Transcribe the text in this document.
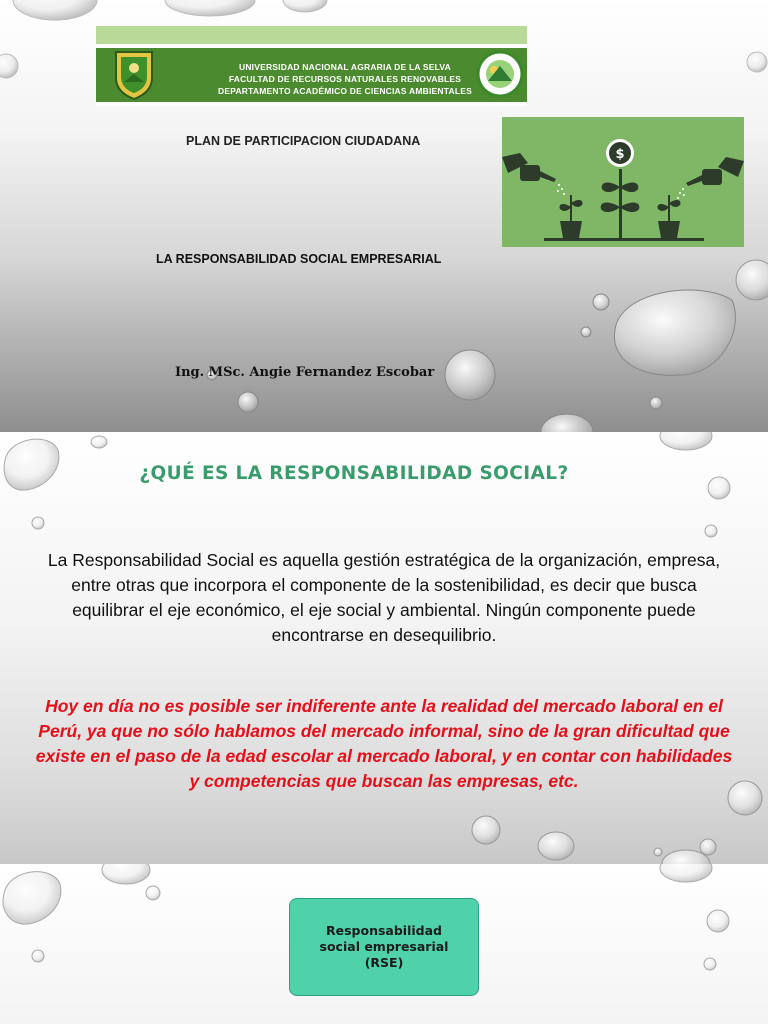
UNIVERSIDAD NACIONAL AGRARIA DE LA SELVA
FACULTAD DE RECURSOS NATURALES RENOVABLES
DEPARTAMENTO ACADÉMICO DE CIENCIAS AMBIENTALES
PLAN DE PARTICIPACION CIUDADANA
$
LA RESPONSABILIDAD SOCIAL EMPRESARIAL
Ing. MSc. Angie Fernandez Escobar
¿QUÉ ES LA RESPONSABILIDAD SOCIAL?
La Responsabilidad Social es aquella gestión estratégica de la organización, empresa, entre otras que incorpora el componente de la sostenibilidad, es decir que busca equilibrar el eje económico, el eje social y ambiental. Ningún componente puede encontrarse en desequilibrio.
Hoy en día no es posible ser indiferente ante la realidad del mercado laboral en el Perú, ya que no sólo hablamos del mercado informal, sino de la gran dificultad que existe en el paso de la edad escolar al mercado laboral, y en contar con habilidades y competencias que buscan las empresas, etc.
Responsabilidad social empresarial (RSE)
